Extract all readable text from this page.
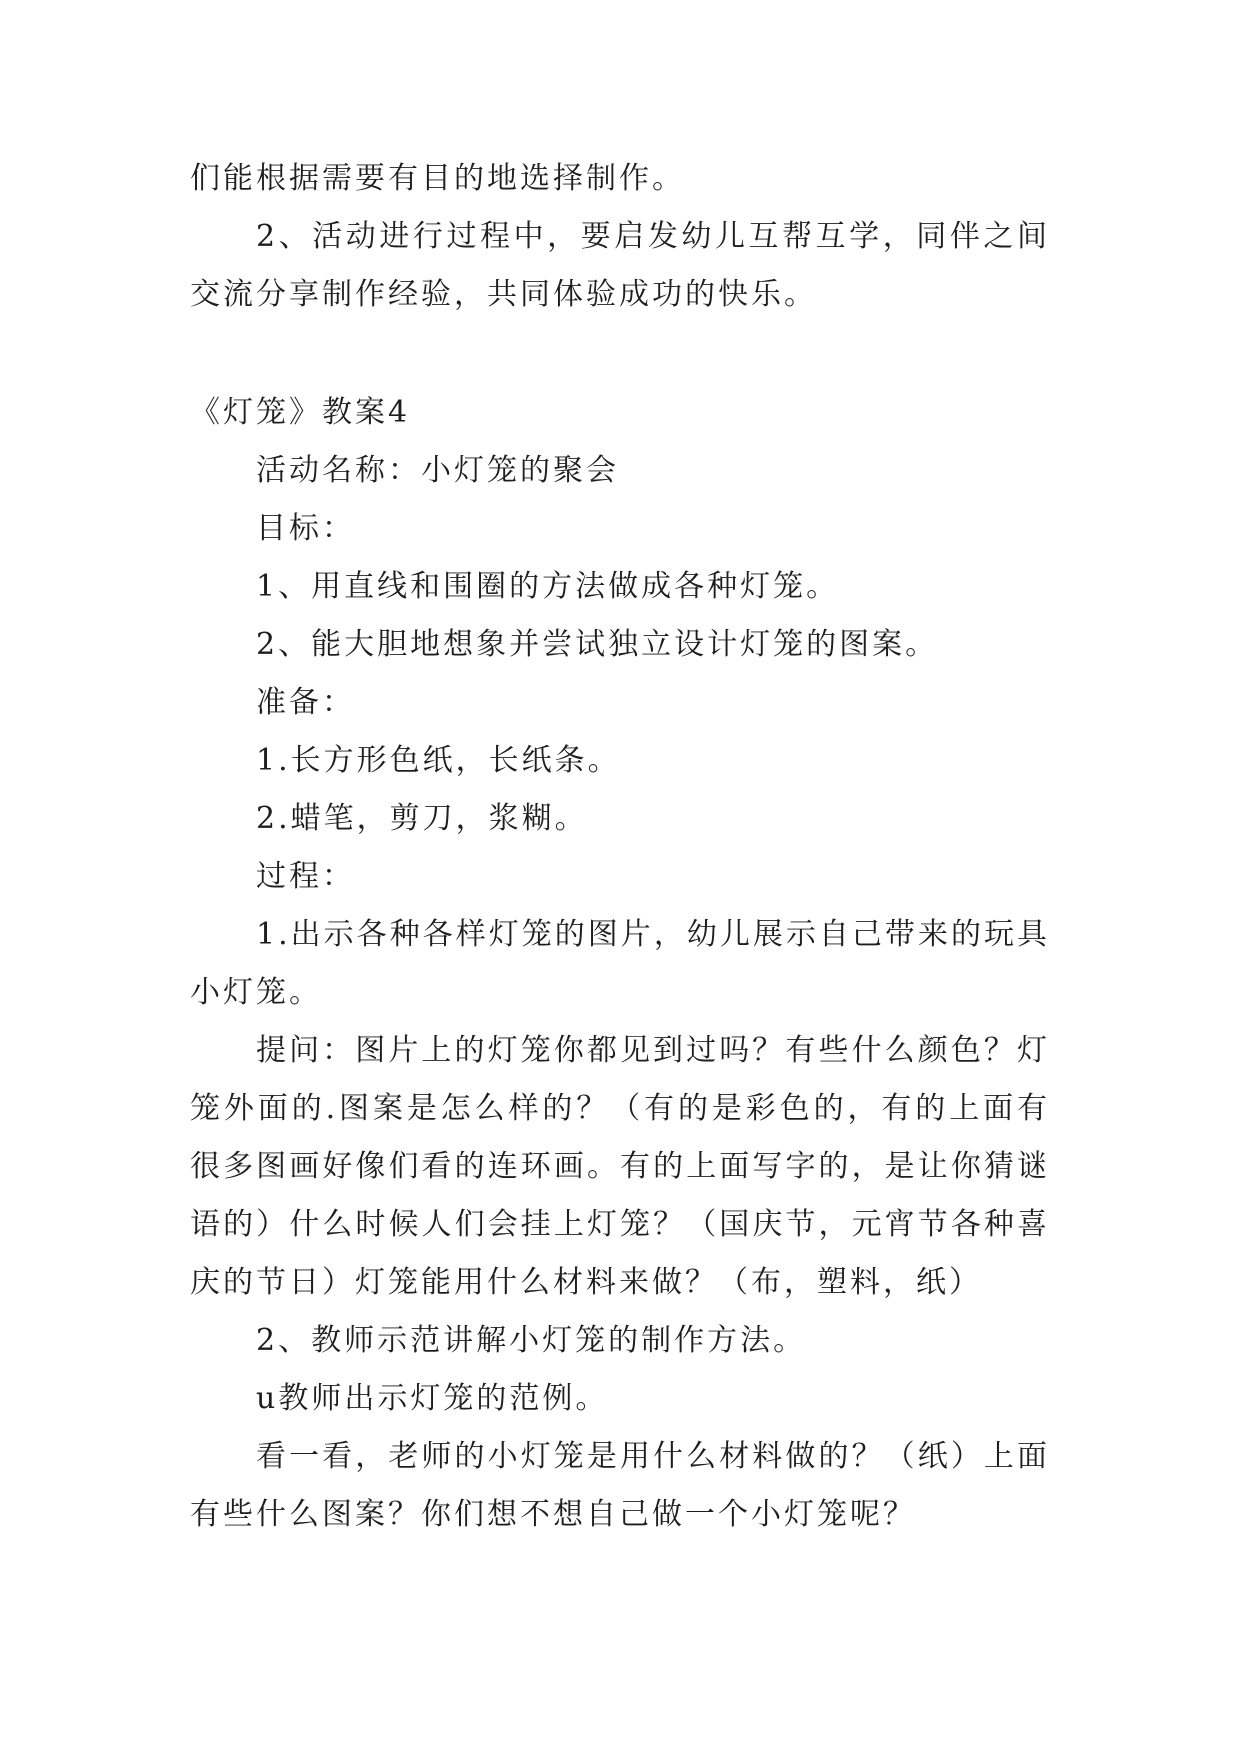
们能根据需要有目的地选择制作。

2、活动进行过程中，要启发幼儿互帮互学，同伴之间交流分享制作经验，共同体验成功的快乐。

《灯笼》教案4

活动名称：小灯笼的聚会

目标：

1、用直线和围圈的方法做成各种灯笼。

2、能大胆地想象并尝试独立设计灯笼的图案。

准备：

1.长方形色纸，长纸条。

2.蜡笔，剪刀，浆糊。

过程：

1.出示各种各样灯笼的图片，幼儿展示自己带来的玩具小灯笼。

提问：图片上的灯笼你都见到过吗？有些什么颜色？灯笼外面的.图案是怎么样的？（有的是彩色的，有的上面有很多图画好像们看的连环画。有的上面写字的，是让你猜谜语的）什么时候人们会挂上灯笼？（国庆节，元宵节各种喜庆的节日）灯笼能用什么材料来做？（布，塑料，纸）

2、教师示范讲解小灯笼的制作方法。

u教师出示灯笼的范例。

看一看，老师的小灯笼是用什么材料做的？（纸）上面有些什么图案？你们想不想自己做一个小灯笼呢？
